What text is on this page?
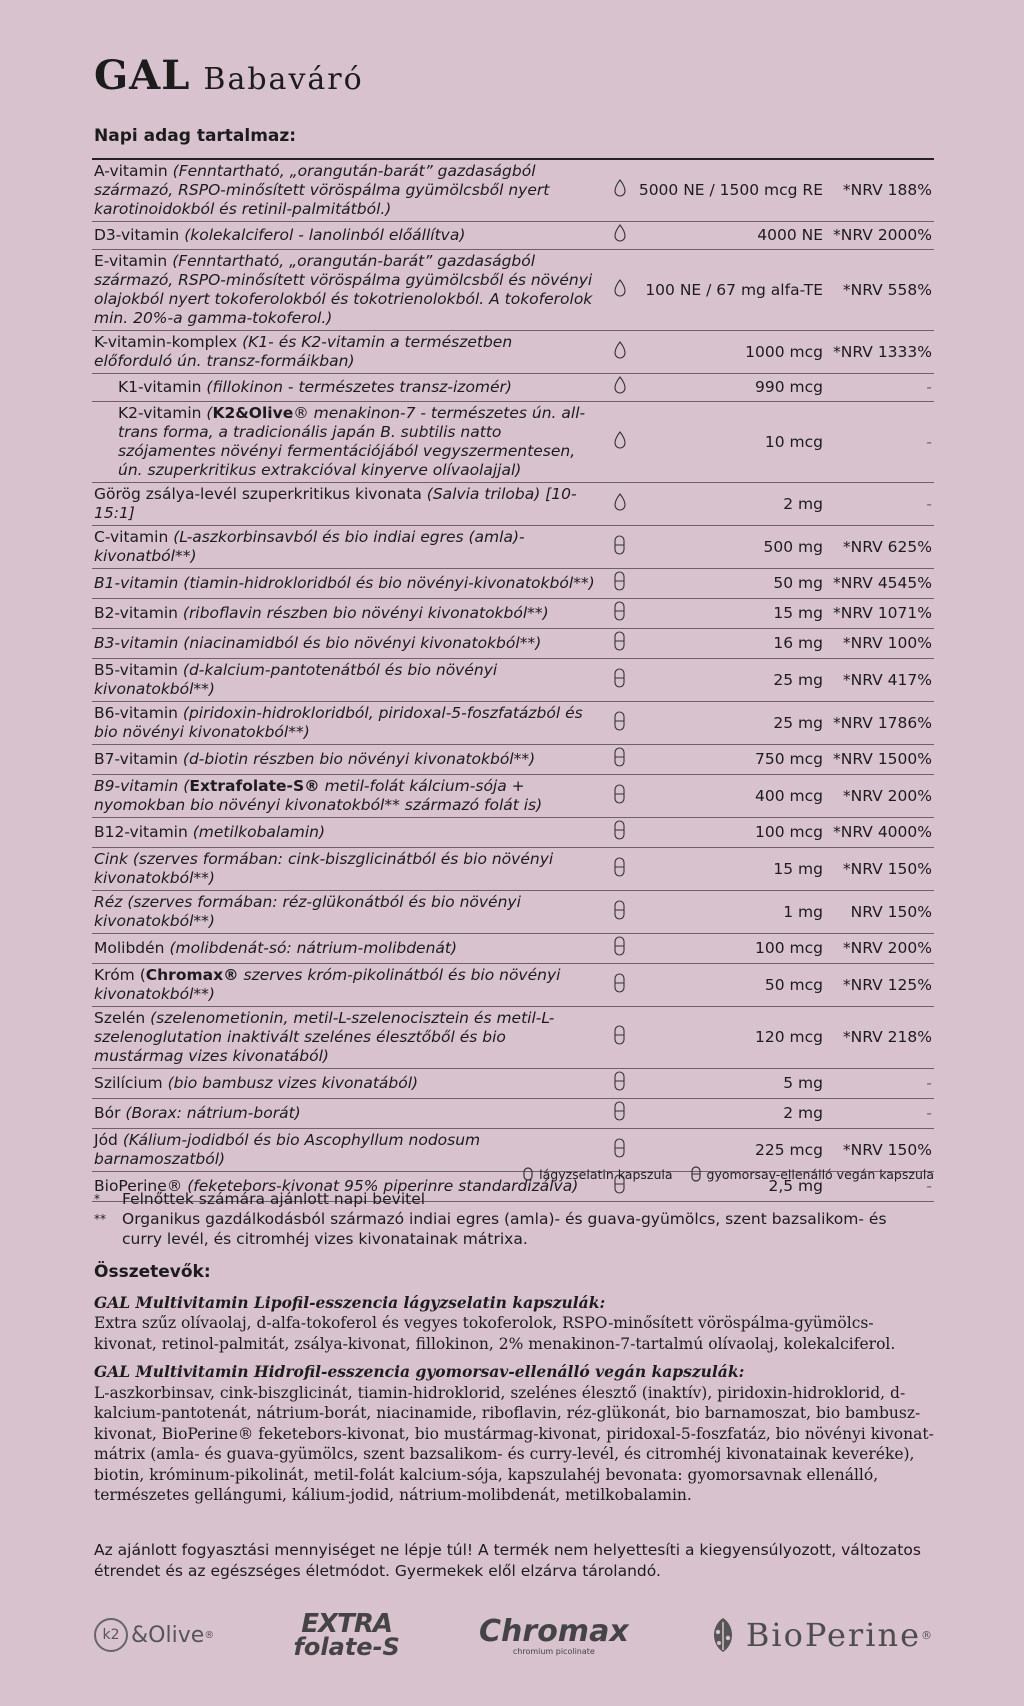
GAL Babaváró
Napi adag tartalmaz:
A-vitamin (Fenntartható, „orangután-barát” gazdaságból származó, RSPO-minősített vöröspálma gyümölcsből nyert karotinoidokból és retinil-palmitátból.)		5000 NE / 1500 mcg RE	*NRV 188%
D3-vitamin (kolekalciferol - lanolinból előállítva)		4000 NE	*NRV 2000%
E-vitamin (Fenntartható, „orangután-barát” gazdaságból származó, RSPO-minősített vöröspálma gyümölcsből és növényi olajokból nyert tokoferolokból és tokotrienolokból. A tokoferolok min. 20%-a gamma-tokoferol.)		100 NE / 67 mg alfa-TE	*NRV 558%
K-vitamin-komplex (K1- és K2-vitamin a természetben előforduló ún. transz-formáikban)		1000 mcg	*NRV 1333%

K1-vitamin (fillokinon - természetes transz-izomér)		990 mcg	-

K2-vitamin (K2&Olive® menakinon-7 - természetes ún. all-trans forma, a tradicionális japán B. subtilis natto szójamentes növényi fermentációjából vegyszermentesen, ún. szuperkritikus extrakcióval kinyerve olívaolajjal)		10 mcg	-
Görög zsálya-levél szuperkritikus kivonata (Salvia triloba) [10-15:1]		2 mg	-
C-vitamin (L-aszkorbinsavból és bio indiai egres (amla)-kivonatból**)		500 mg	*NRV 625%
B1-vitamin (tiamin-hidrokloridból és bio növényi-kivonatokból**)		50 mg	*NRV 4545%
B2-vitamin (riboflavin részben bio növényi kivonatokból**)		15 mg	*NRV 1071%
B3-vitamin (niacinamidból és bio növényi kivonatokból**)		16 mg	*NRV 100%
B5-vitamin (d-kalcium-pantotenátból és bio növényi kivonatokból**)		25 mg	*NRV 417%
B6-vitamin (piridoxin-hidrokloridból, piridoxal-5-foszfatázból és bio növényi kivonatokból**)		25 mg	*NRV 1786%
B7-vitamin (d-biotin részben bio növényi kivonatokból**)		750 mcg	*NRV 1500%
B9-vitamin (Extrafolate-S® metil-folát kálcium-sója + nyomokban bio növényi kivonatokból** származó folát is)		400 mcg	*NRV 200%
B12-vitamin (metilkobalamin)		100 mcg	*NRV 4000%
Cink (szerves formában: cink-biszglicinátból és bio növényi kivonatokból**)		15 mg	*NRV 150%
Réz (szerves formában: réz-glükonátból és bio növényi kivonatokból**)		1 mg	NRV 150%
Molibdén (molibdenát-só: nátrium-molibdenát)		100 mcg	*NRV 200%
Króm (Chromax® szerves króm-pikolinátból és bio növényi kivonatokból**)		50 mcg	*NRV 125%
Szelén (szelenometionin, metil-L-szelenocisztein és metil-L-szelenoglutation inaktivált szelénes élesztőből és bio mustármag vizes kivonatából)		120 mcg	*NRV 218%
Szilícium (bio bambusz vizes kivonatából)		5 mg	-
Bór (Borax: nátrium-borát)		2 mg	-
Jód (Kálium-jodidból és bio Ascophyllum nodosum barnamoszatból)		225 mcg	*NRV 150%
BioPerine® (feketebors-kivonat 95% piperinre standardizálva)		2,5 mg	-
lágyzselatin kapszula	gyomorsav-ellenálló vegán kapszula
*	Felnőttek számára ajánlott napi bevitel
**	Organikus gazdálkodásból származó indiai egres (amla)- és guava-gyümölcs, szent bazsalikom- és curry levél, és citromhéj vizes kivonatainak mátrixa.
Összetevők:

GAL Multivitamin Lipofil-esszencia lágyzselatin kapszulák:
Extra szűz olívaolaj, d-alfa-tokoferol és vegyes tokoferolok, RSPO-minősített vöröspálma-gyümölcs-kivonat, retinol-palmitát, zsálya-kivonat, fillokinon, 2% menakinon-7-tartalmú olívaolaj, kolekalciferol.

GAL Multivitamin Hidrofil-esszencia gyomorsav-ellenálló vegán kapszulák:
L-aszkorbinsav, cink-biszglicinát, tiamin-hidroklorid, szelénes élesztő (inaktív), piridoxin-hidroklorid, d-kalcium-pantotenát, nátrium-borát, niacinamide, riboflavin, réz-glükonát, bio barnamoszat, bio bambusz-kivonat, BioPerine® feketebors-kivonat, bio mustármag-kivonat, piridoxal-5-foszfatáz, bio növényi kivonat-mátrix (amla- és guava-gyümölcs, szent bazsalikom- és curry-levél, és citromhéj kivonatainak keveréke), biotin, króminum-pikolinát, metil-folát kalcium-sója, kapszulahéj bevonata: gyomorsavnak ellenálló, természetes gellángumi, kálium-jodid, nátrium-molibdenát, metilkobalamin.

Az ajánlott fogyasztási mennyiséget ne lépje túl! A termék nem helyettesíti a kiegyensúlyozott, változatos étrendet és az egészséges életmódot. Gyermekek elől elzárva tárolandó.
k2 &Olive ®	EXTRA
folate-S	Chromax
chromium picolinate	BioPerine ®
